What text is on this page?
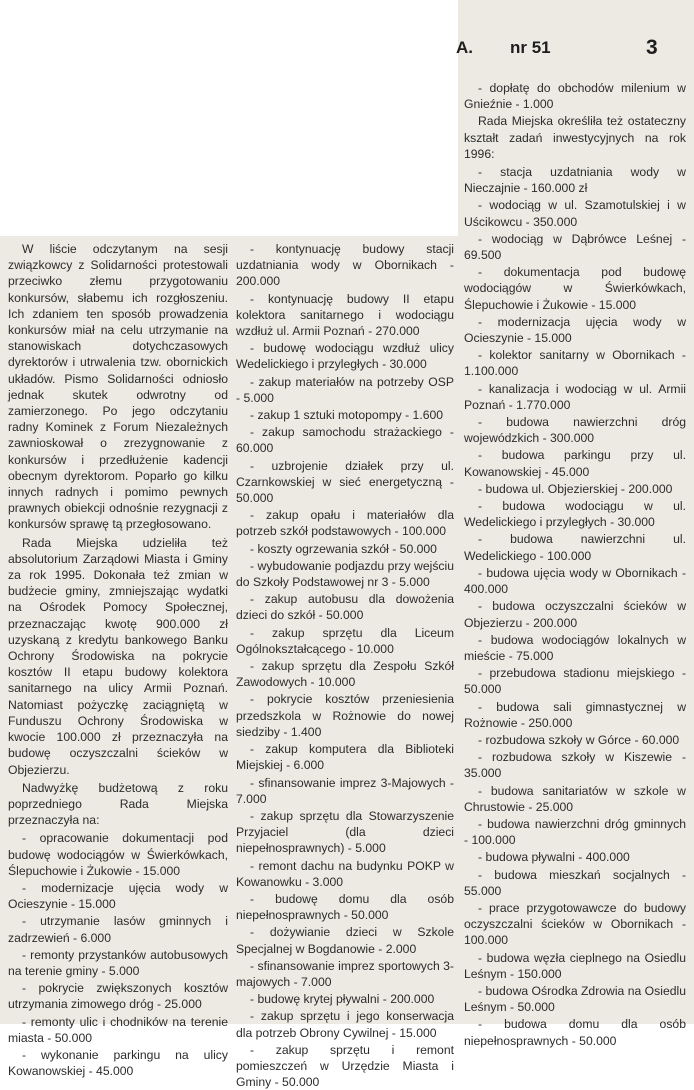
A. nr 51	3

W liście odczytanym na sesji związkowcy z Solidarności protestowali przeciwko złemu przygotowaniu konkursów, słabemu ich rozgłoszeniu. Ich zdaniem ten sposób prowadzenia konkursów miał na celu utrzymanie na stanowiskach dotychczasowych dyrektorów i utrwalenia tzw. obornickich układów. Pismo Solidarności odniosło jednak skutek odwrotny od zamierzonego. Po jego odczytaniu radny Kominek z Forum Niezależnych zawnioskował o zrezygnowanie z konkursów i przedłużenie kadencji obecnym dyrektorom. Poparło go kilku innych radnych i pomimo pewnych prawnych obiekcji odnośnie rezygnacji z konkursów sprawę tą przegłosowano.

Rada Miejska udzieliła też absolutorium Zarządowi Miasta i Gminy za rok 1995. Dokonała też zmian w budżecie gminy, zmniejszając wydatki na Ośrodek Pomocy Społecznej, przeznaczając kwotę 900.000 zł uzyskaną z kredytu bankowego Banku Ochrony Środowiska na pokrycie kosztów II etapu budowy kolektora sanitarnego na ulicy Armii Poznań. Natomiast pożyczkę zaciągniętą w Funduszu Ochrony Środowiska w kwocie 100.000 zł przeznaczyła na budowę oczyszczalni ścieków w Objezierzu.

Nadwyżkę budżetową z roku poprzedniego Rada Miejska przeznaczyła na:

- opracowanie dokumentacji pod budowę wodociągów w Świerkówkach, Ślepuchowie i Żukowie - 15.000

- modernizacje ujęcia wody w Ocieszynie - 15.000

- utrzymanie lasów gminnych i zadrzewień - 6.000

- remonty przystanków autobusowych na terenie gminy - 5.000

- pokrycie zwiększonych kosztów utrzymania zimowego dróg - 25.000

- remonty ulic i chodników na terenie miasta - 50.000

- wykonanie parkingu na ulicy Kowanowskiej - 45.000

- kontynuację budowy stacji uzdatniania wody w Obornikach - 200.000

- kontynuację budowy II etapu kolektora sanitarnego i wodociągu wzdłuż ul. Armii Poznań - 270.000

- budowę wodociągu wzdłuż ulicy Wedelickiego i przyległych - 30.000

- zakup materiałów na potrzeby OSP - 5.000

- zakup 1 sztuki motopompy - 1.600

- zakup samochodu strażackiego - 60.000

- uzbrojenie działek przy ul. Czarnkowskiej w sieć energetyczną - 50.000

- zakup opału i materiałów dla potrzeb szkół podstawowych - 100.000

- koszty ogrzewania szkół - 50.000

- wybudowanie podjazdu przy wejściu do Szkoły Podstawowej nr 3 - 5.000

- zakup autobusu dla dowożenia dzieci do szkół - 50.000

- zakup sprzętu dla Liceum Ogólnokształcącego - 10.000

- zakup sprzętu dla Zespołu Szkół Zawodowych - 10.000

- pokrycie kosztów przeniesienia przedszkola w Rożnowie do nowej siedziby - 1.400

- zakup komputera dla Biblioteki Miejskiej - 6.000

- sfinansowanie imprez 3-Majowych - 7.000

- zakup sprzętu dla Stowarzyszenie Przyjaciel (dla dzieci niepełnosprawnych) - 5.000

- remont dachu na budynku POKP w Kowanowku - 3.000

- budowę domu dla osób niepełnosprawnych - 50.000

- dożywianie dzieci w Szkole Specjalnej w Bogdanowie - 2.000

- sfinansowanie imprez sportowych 3-majowych - 7.000

- budowę krytej pływalni - 200.000

- zakup sprzętu i jego konserwacja dla potrzeb Obrony Cywilnej - 15.000

- zakup sprzętu i remont pomieszczeń w Urzędzie Miasta i Gminy - 50.000

- dopłatę do obchodów milenium w Gnieźnie - 1.000

Rada Miejska określiła też ostateczny kształt zadań inwestycyjnych na rok 1996:

- stacja uzdatniania wody w Nieczajnie - 160.000 zł

- wodociąg w ul. Szamotulskiej i w Uścikowcu - 350.000

- wodociąg w Dąbrówce Leśnej - 69.500

- dokumentacja pod budowę wodociągów w Świerkówkach, Ślepuchowie i Żukowie - 15.000

- modernizacja ujęcia wody w Ocieszynie - 15.000

- kolektor sanitarny w Obornikach - 1.100.000

- kanalizacja i wodociąg w ul. Armii Poznań - 1.770.000

- budowa nawierzchni dróg wojewódzkich - 300.000

- budowa parkingu przy ul. Kowanowskiej - 45.000

- budowa ul. Objezierskiej - 200.000

- budowa wodociągu w ul. Wedelickiego i przyległych - 30.000

- budowa nawierzchni ul. Wedelickiego - 100.000

- budowa ujęcia wody w Obornikach - 400.000

- budowa oczyszczalni ścieków w Objezierzu - 200.000

- budowa wodociągów lokalnych w mieście - 75.000

- przebudowa stadionu miejskiego - 50.000

- budowa sali gimnastycznej w Rożnowie - 250.000

- rozbudowa szkoły w Górce - 60.000

- rozbudowa szkoły w Kiszewie - 35.000

- budowa sanitariatów w szkole w Chrustowie - 25.000

- budowa nawierzchni dróg gminnych - 100.000

- budowa pływalni - 400.000

- budowa mieszkań socjalnych - 55.000

- prace przygotowawcze do budowy oczyszczalni ścieków w Obornikach - 100.000

- budowa węzła cieplnego na Osiedlu Leśnym - 150.000

- budowa Ośrodka Zdrowia na Osiedlu Leśnym - 50.000

- budowa domu dla osób niepełnosprawnych - 50.000
